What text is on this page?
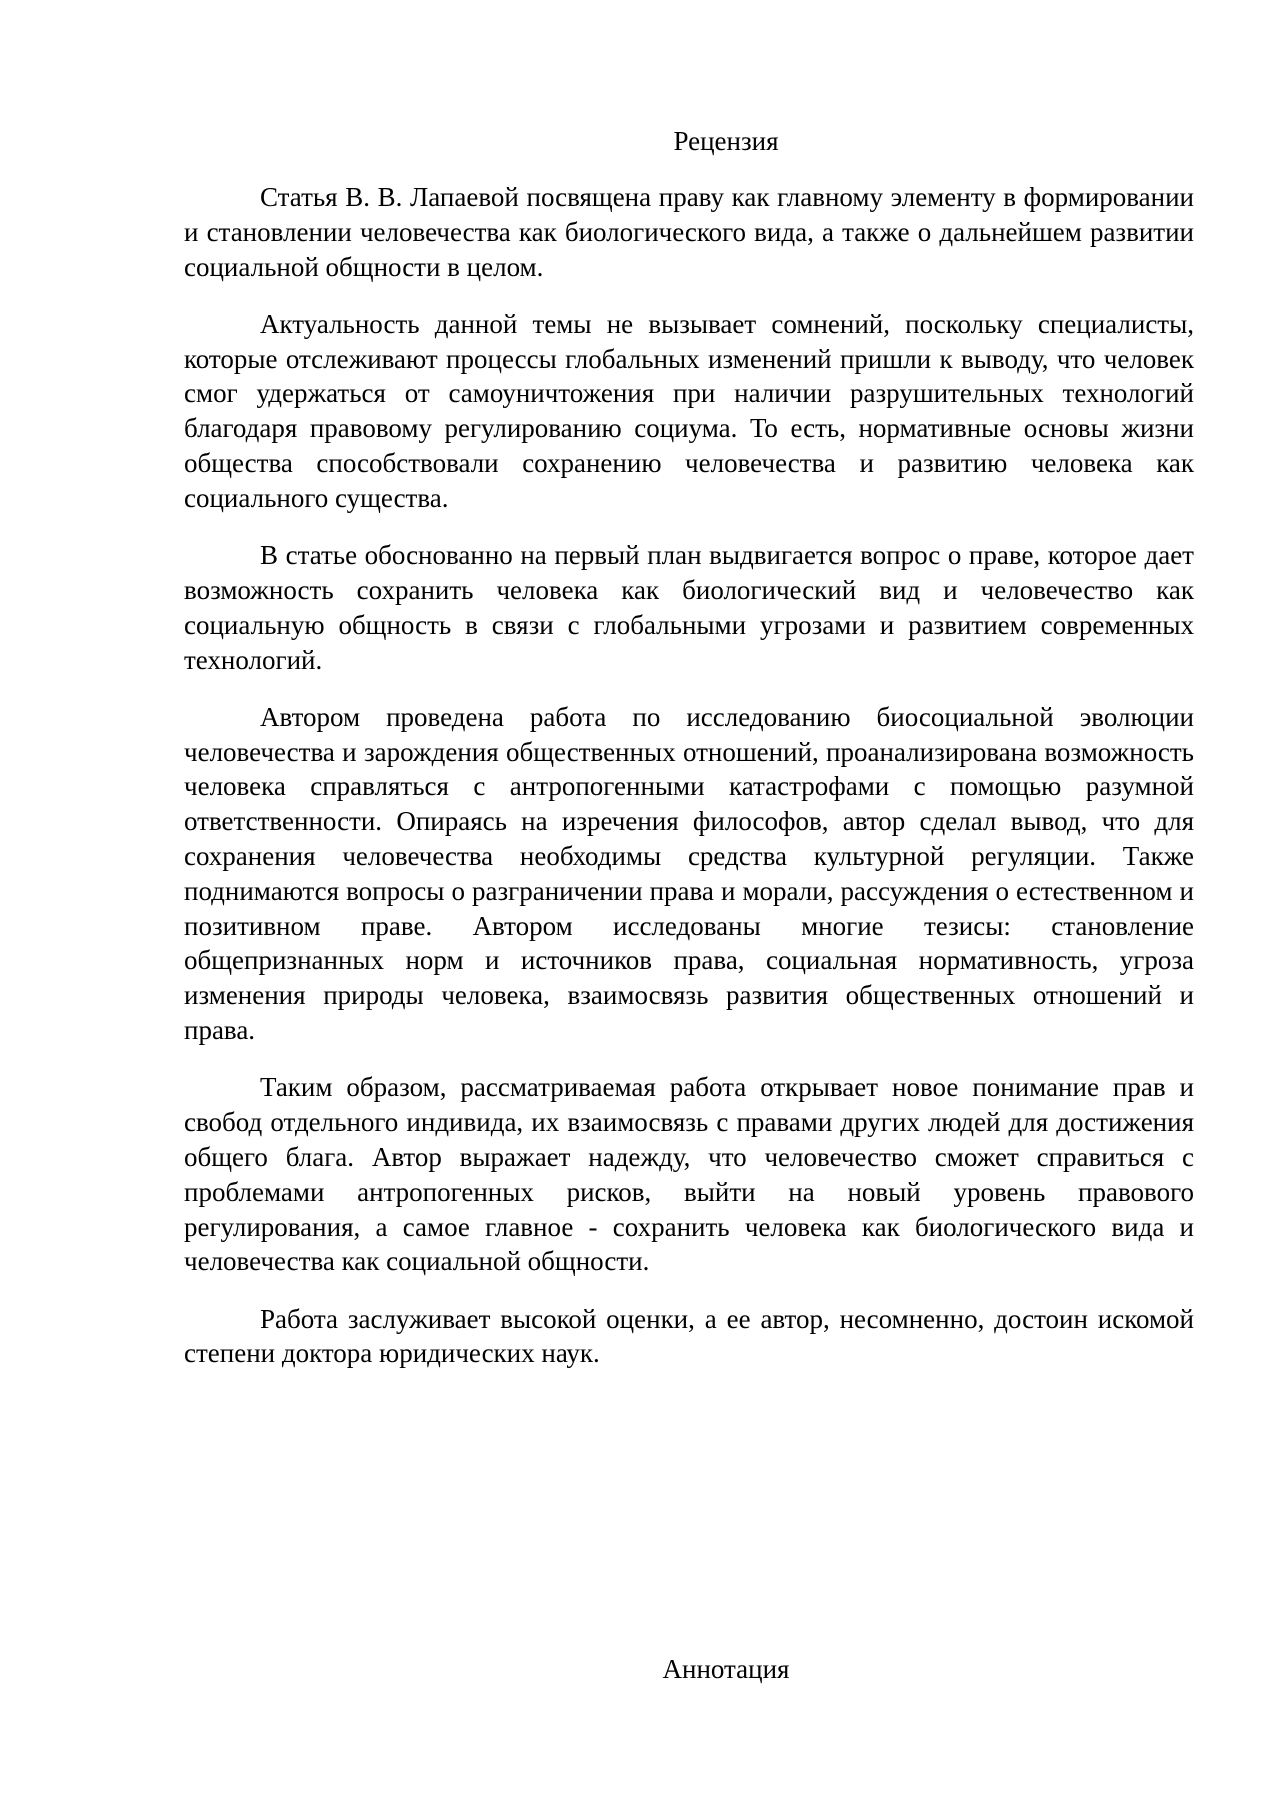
Рецензия

Статья В. В. Лапаевой посвящена праву как главному элементу в формировании и становлении человечества как биологического вида, а также о дальнейшем развитии социальной общности в целом.

Актуальность данной темы не вызывает сомнений, поскольку специалисты, которые отслеживают процессы глобальных изменений пришли к выводу, что человек смог удержаться от самоуничтожения при наличии разрушительных технологий благодаря правовому регулированию социума. То есть, нормативные основы жизни общества способствовали сохранению человечества и развитию человека как социального существа.

В статье обоснованно на первый план выдвигается вопрос о праве, которое дает возможность сохранить человека как биологический вид и человечество как социальную общность в связи с глобальными угрозами и развитием современных технологий.

Автором проведена работа по исследованию биосоциальной эволюции человечества и зарождения общественных отношений, проанализирована возможность человека справляться с антропогенными катастрофами с помощью разумной ответственности. Опираясь на изречения философов, автор сделал вывод, что для сохранения человечества необходимы средства культурной регуляции. Также поднимаются вопросы о разграничении права и морали, рассуждения о естественном и позитивном праве. Автором исследованы многие тезисы: становление общепризнанных норм и источников права, социальная нормативность, угроза изменения природы человека, взаимосвязь развития общественных отношений и права.

Таким образом, рассматриваемая работа открывает новое понимание прав и свобод отдельного индивида, их взаимосвязь с правами других людей для достижения общего блага. Автор выражает надежду, что человечество сможет справиться с проблемами антропогенных рисков, выйти на новый уровень правового регулирования, а самое главное - сохранить человека как биологического вида и человечества как социальной общности.

Работа заслуживает высокой оценки, а ее автор, несомненно, достоин искомой степени доктора юридических наук.

Аннотация
